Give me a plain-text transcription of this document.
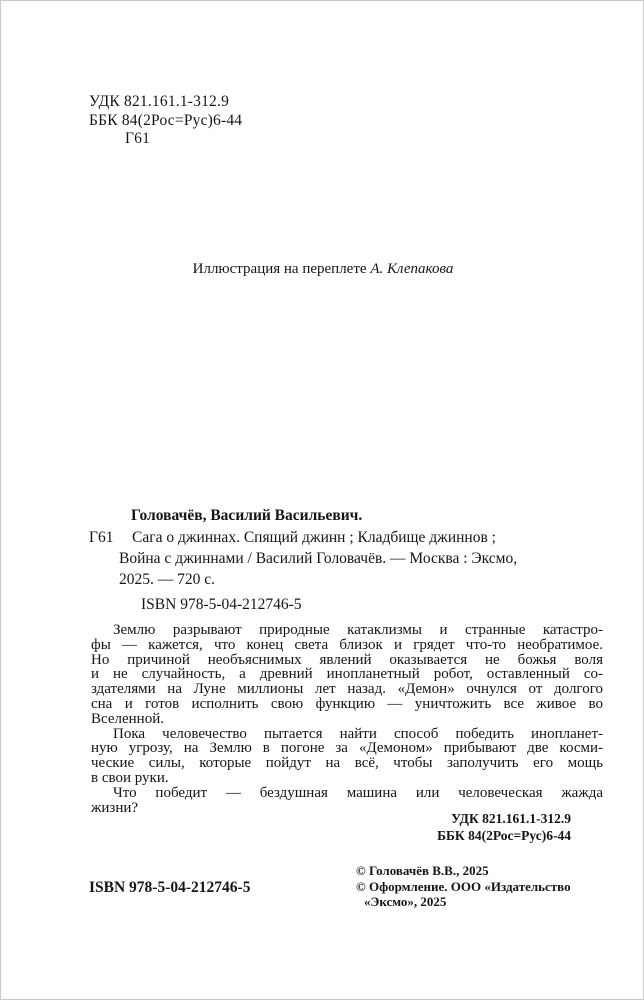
УДК 821.161.1-312.9
ББК 84(2Рос=Рус)6-44
Г61
Иллюстрация на переплете А. Клепакова
Головачёв, Василий Васильевич.
Г61	Сага о джиннах. Спящий джинн ; Кладбище джиннов ;
Война с джиннами / Василий Головачёв. — Москва : Эксмо,
2025. — 720 с.
ISBN 978-5-04-212746-5
Землю разрывают природные катаклизмы и странные катастро-
фы — кажется, что конец света близок и грядет что-то необратимое.
Но причиной необъяснимых явлений оказывается не божья воля
и не случайность, а древний инопланетный робот, оставленный со-
здателями на Луне миллионы лет назад. «Демон» очнулся от долгого
сна и готов исполнить свою функцию — уничтожить все живое во
Вселенной.
Пока человечество пытается найти способ победить инопланет-
ную угрозу, на Землю в погоне за «Демоном» прибывают две косми-
ческие силы, которые пойдут на всё, чтобы заполучить его мощь
в свои руки.
Что победит — бездушная машина или человеческая жажда
жизни?
УДК 821.161.1-312.9
ББК 84(2Рос=Рус)6-44
ISBN 978-5-04-212746-5
© Головачёв В.В., 2025
© Оформление. ООО «Издательство
«Эксмо», 2025
